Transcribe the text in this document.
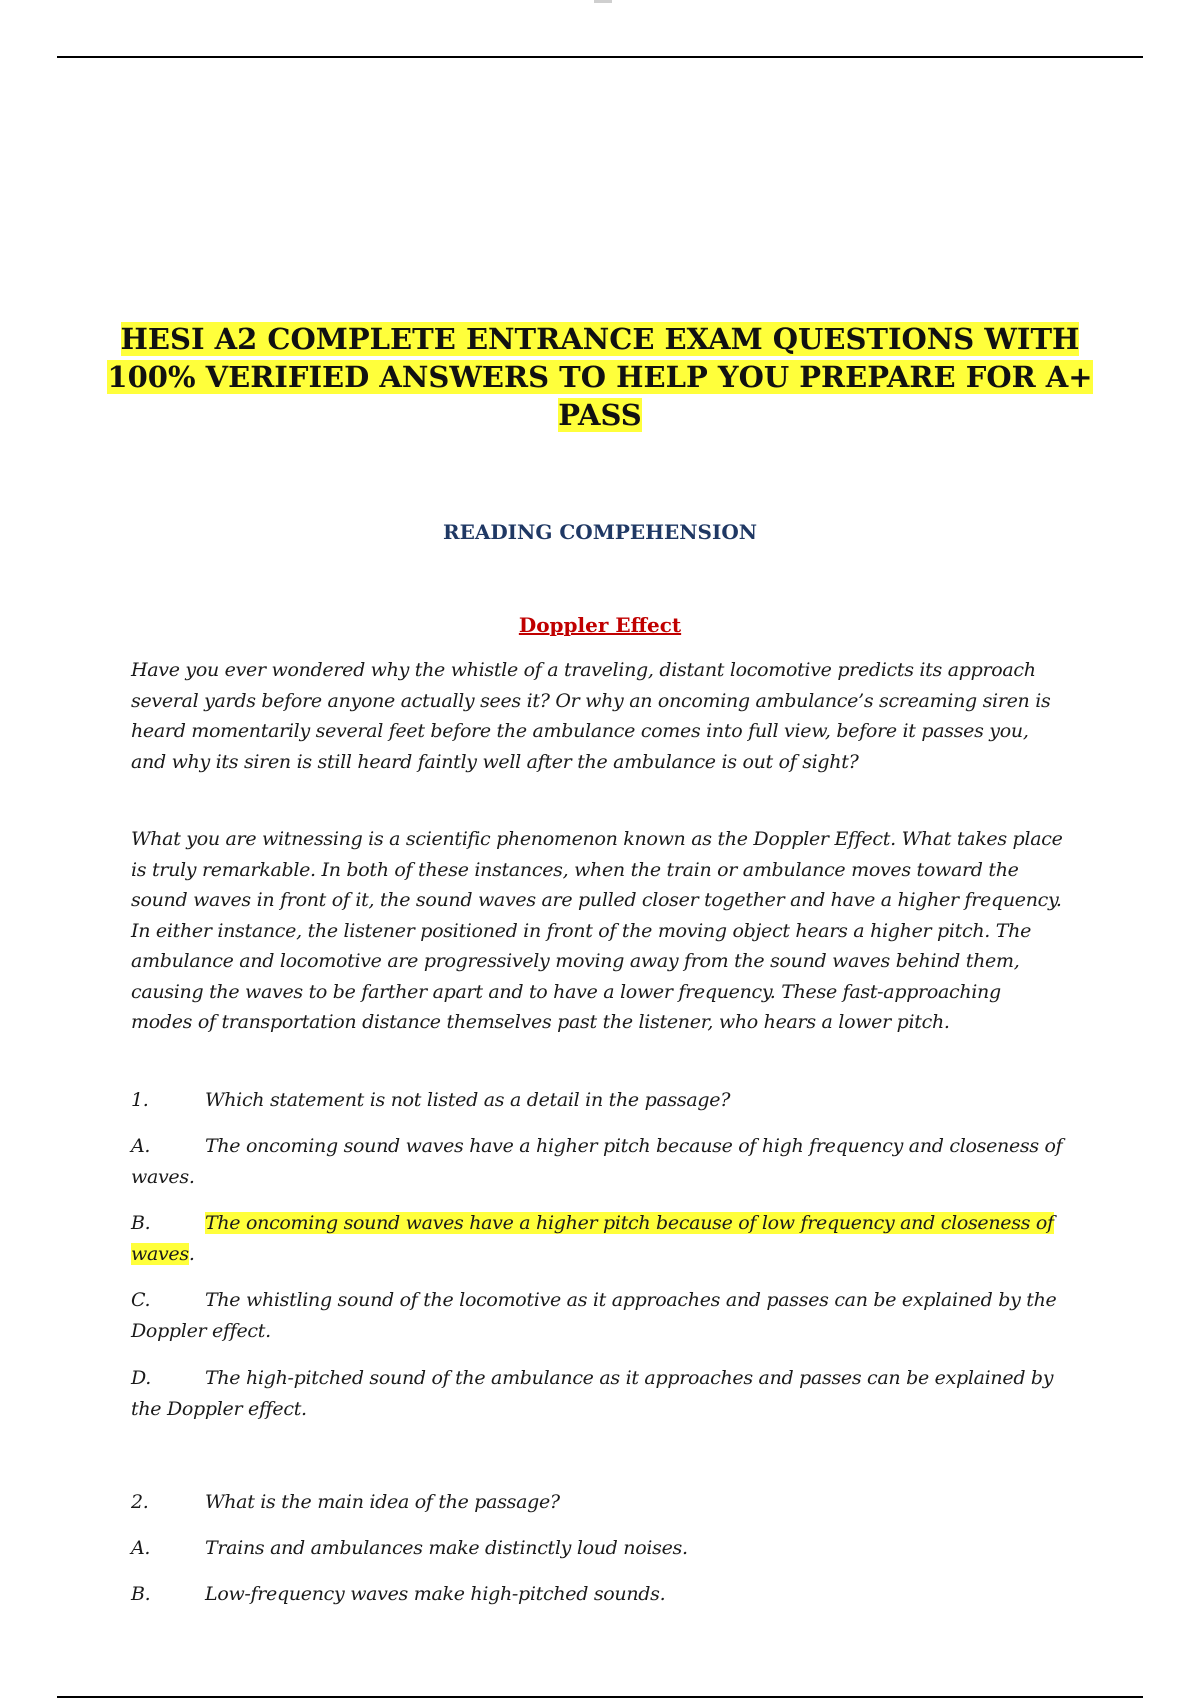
HESI A2 COMPLETE ENTRANCE EXAM QUESTIONS WITH
100% VERIFIED ANSWERS TO HELP YOU PREPARE FOR A+
PASS
READING COMPEHENSION
Doppler Effect
Have you ever wondered why the whistle of a traveling, distant locomotive predicts its approach several yards before anyone actually sees it? Or why an oncoming ambulance’s screaming siren is heard momentarily several feet before the ambulance comes into full view, before it passes you, and why its siren is still heard faintly well after the ambulance is out of sight?
What you are witnessing is a scientific phenomenon known as the Doppler Effect. What takes place is truly remarkable. In both of these instances, when the train or ambulance moves toward the sound waves in front of it, the sound waves are pulled closer together and have a higher frequency. In either instance, the listener positioned in front of the moving object hears a higher pitch. The ambulance and locomotive are progressively moving away from the sound waves behind them, causing the waves to be farther apart and to have a lower frequency. These fast-approaching modes of transportation distance themselves past the listener, who hears a lower pitch.
1.	Which statement is not listed as a detail in the passage?
A.	The oncoming sound waves have a higher pitch because of high frequency and closeness of waves.
B.	The oncoming sound waves have a higher pitch because of low frequency and closeness of waves.
C.	The whistling sound of the locomotive as it approaches and passes can be explained by the Doppler effect.
D.	The high-pitched sound of the ambulance as it approaches and passes can be explained by the Doppler effect.
2.	What is the main idea of the passage?
A.	Trains and ambulances make distinctly loud noises.
B.	Low-frequency waves make high-pitched sounds.
